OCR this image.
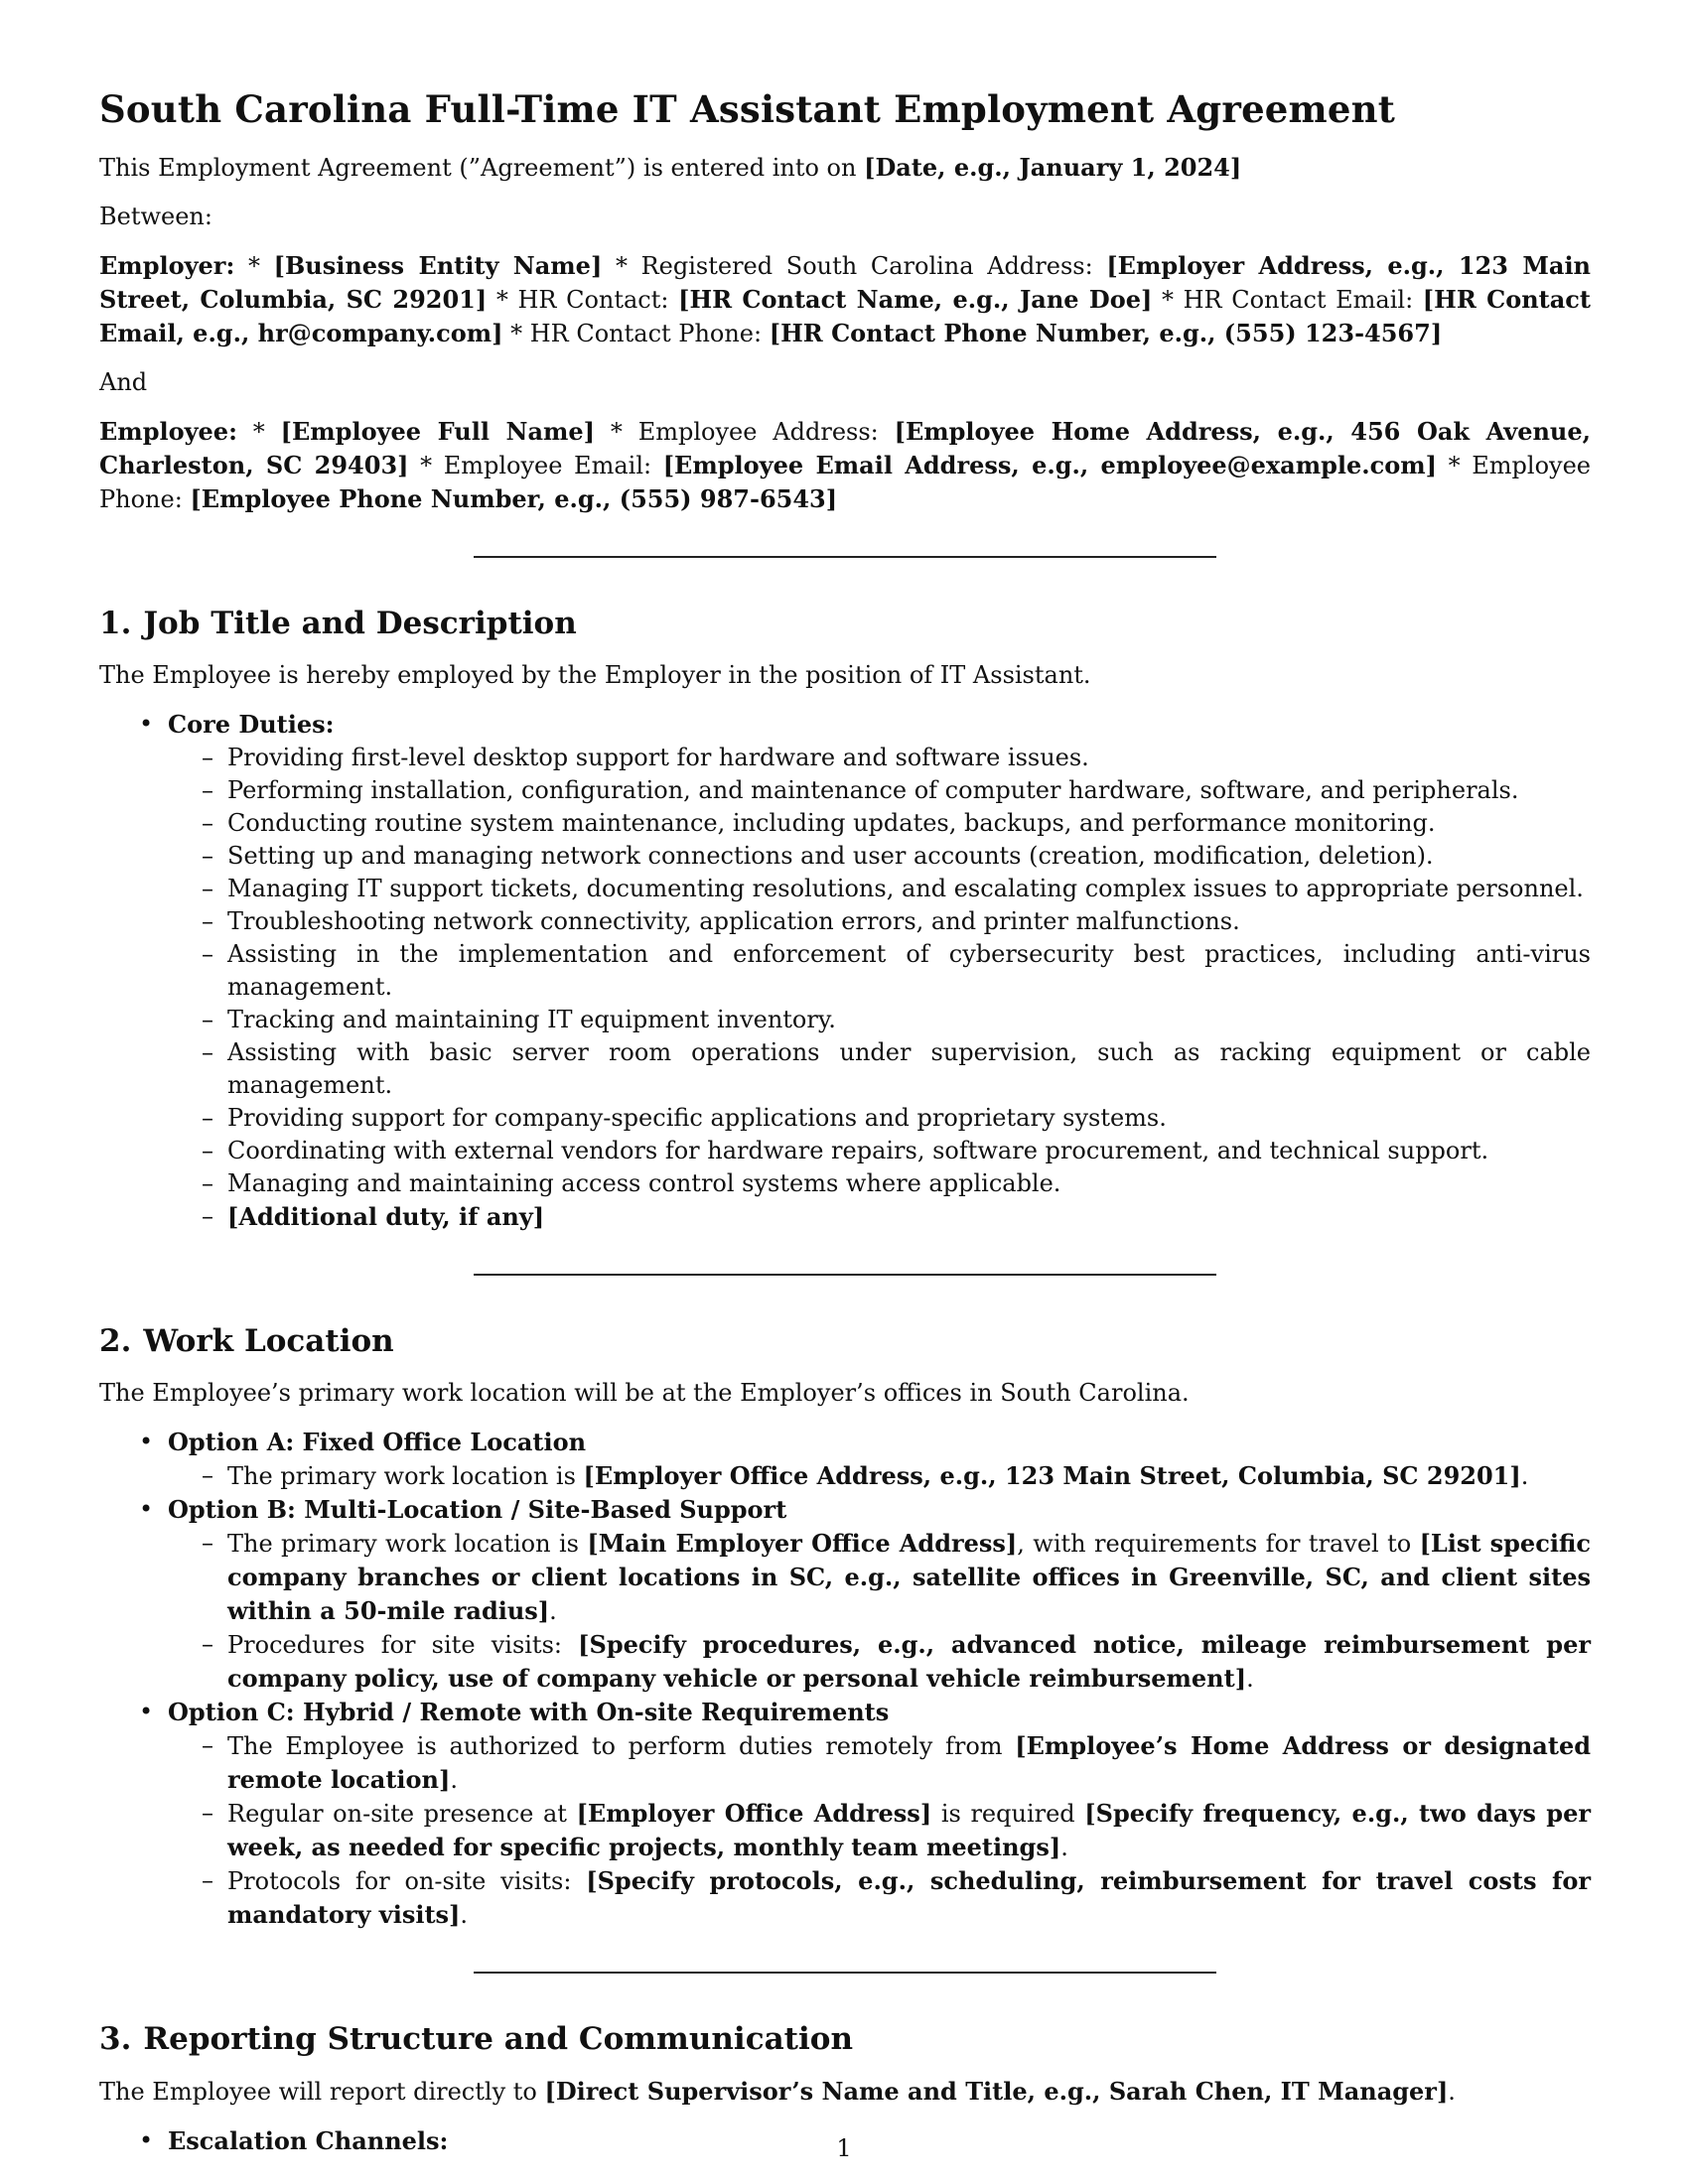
South Carolina Full-Time IT Assistant Employment Agreement

This Employment Agreement (”Agreement”) is entered into on [Date, e.g., January 1, 2024]

Between:

Employer: * [Business Entity Name] * Registered South Carolina Address: [Employer Address, e.g., 123 Main Street, Columbia, SC 29201] * HR Contact: [HR Contact Name, e.g., Jane Doe] * HR Contact Email: [HR Contact Email, e.g., hr@company.com] * HR Contact Phone: [HR Contact Phone Number, e.g., (555) 123-4567]

And

Employee: * [Employee Full Name] * Employee Address: [Employee Home Address, e.g., 456 Oak Avenue, Charleston, SC 29403] * Employee Email: [Employee Email Address, e.g., employee@example.com] * Employee Phone: [Employee Phone Number, e.g., (555) 987-6543]

1. Job Title and Description

The Employee is hereby employed by the Employer in the position of IT Assistant.

• Core Duties:
– Providing first-level desktop support for hardware and software issues.
– Performing installation, configuration, and maintenance of computer hardware, software, and peripherals.
– Conducting routine system maintenance, including updates, backups, and performance monitoring.
– Setting up and managing network connections and user accounts (creation, modification, deletion).
– Managing IT support tickets, documenting resolutions, and escalating complex issues to appropriate personnel.
– Troubleshooting network connectivity, application errors, and printer malfunctions.
– Assisting in the implementation and enforcement of cybersecurity best practices, including anti-virus management.
– Tracking and maintaining IT equipment inventory.
– Assisting with basic server room operations under supervision, such as racking equipment or cable management.
– Providing support for company-specific applications and proprietary systems.
– Coordinating with external vendors for hardware repairs, software procurement, and technical support.
– Managing and maintaining access control systems where applicable.
– [Additional duty, if any]
2. Work Location

The Employee’s primary work location will be at the Employer’s offices in South Carolina.

• Option A: Fixed Office Location
– The primary work location is [Employer Office Address, e.g., 123 Main Street, Columbia, SC 29201].
• Option B: Multi-Location / Site-Based Support
– The primary work location is [Main Employer Office Address], with requirements for travel to [List specific company branches or client locations in SC, e.g., satellite offices in Greenville, SC, and client sites within a 50-mile radius].
– Procedures for site visits: [Specify procedures, e.g., advanced notice, mileage reimbursement per company policy, use of company vehicle or personal vehicle reimbursement].
• Option C: Hybrid / Remote with On-site Requirements
– The Employee is authorized to perform duties remotely from [Employee’s Home Address or designated remote location].
– Regular on-site presence at [Employer Office Address] is required [Specify frequency, e.g., two days per week, as needed for specific projects, monthly team meetings].
– Protocols for on-site visits: [Specify protocols, e.g., scheduling, reimbursement for travel costs for mandatory visits].
3. Reporting Structure and Communication

The Employee will report directly to [Direct Supervisor’s Name and Title, e.g., Sarah Chen, IT Manager].

• Escalation Channels:	1
